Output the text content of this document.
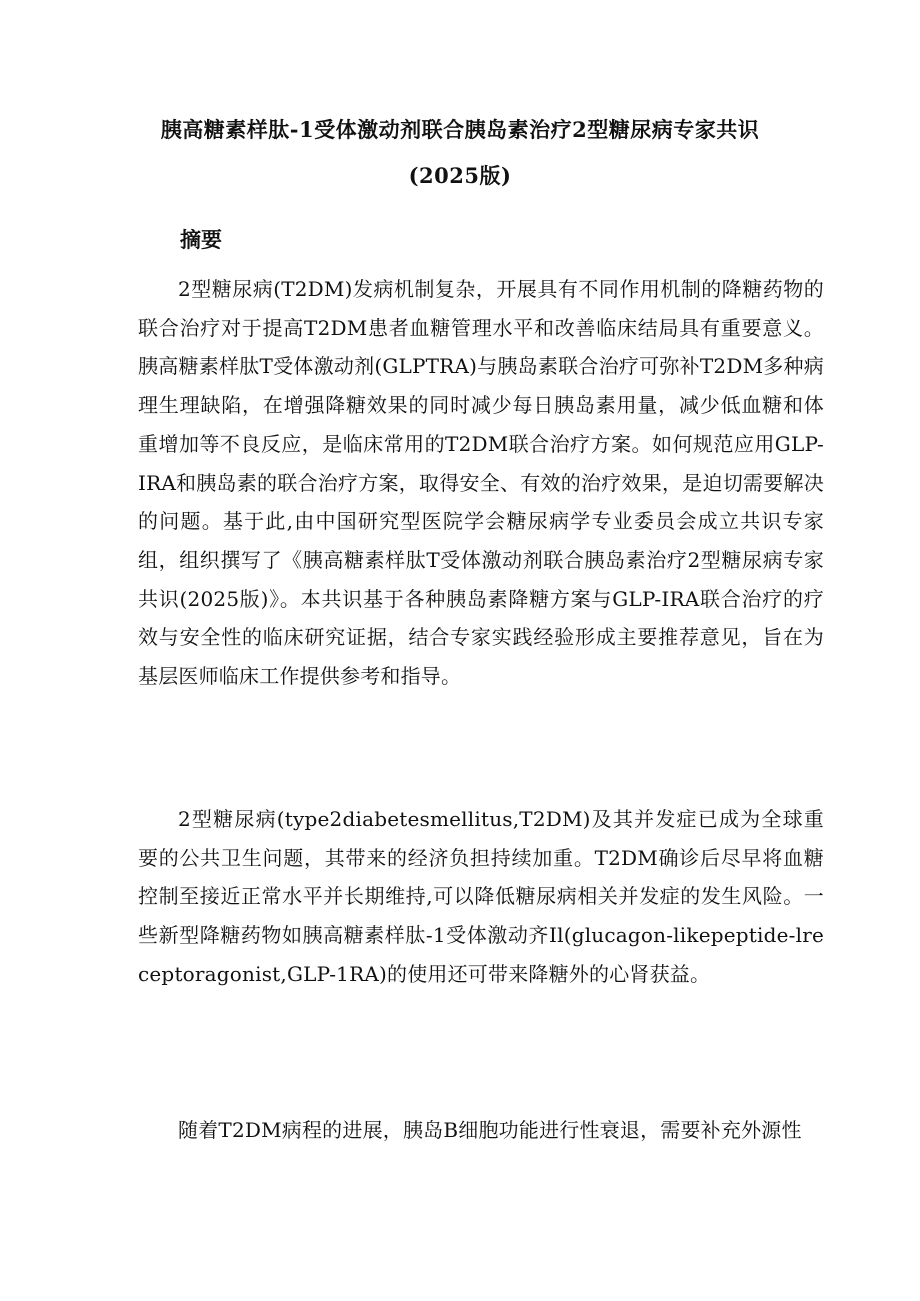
胰高糖素样肽-1受体激动剂联合胰岛素治疗2型糖尿病专家共识
(2025版)
摘要
2型糖尿病(T2DM)发病机制复杂，开展具有不同作用机制的降糖药物的联合治疗对于提高T2DM患者血糖管理水平和改善临床结局具有重要意义。胰高糖素样肽T受体激动剂(GLPTRA)与胰岛素联合治疗可弥补T2DM多种病理生理缺陷，在增强降糖效果的同时减少每日胰岛素用量，减少低血糖和体重增加等不良反应，是临床常用的T2DM联合治疗方案。如何规范应用GLP-IRA和胰岛素的联合治疗方案，取得安全、有效的治疗效果，是迫切需要解决的问题。基于此,由中国研究型医院学会糖尿病学专业委员会成立共识专家组，组织撰写了《胰高糖素样肽T受体激动剂联合胰岛素治疗2型糖尿病专家共识(2025版)》。本共识基于各种胰岛素降糖方案与GLP-IRA联合治疗的疗效与安全性的临床研究证据，结合专家实践经验形成主要推荐意见，旨在为基层医师临床工作提供参考和指导。
2型糖尿病(type2diabetesmellitus,T2DM)及其并发症已成为全球重要的公共卫生问题，其带来的经济负担持续加重。T2DM确诊后尽早将血糖控制至接近正常水平并长期维持,可以降低糖尿病相关并发症的发生风险。一些新型降糖药物如胰高糖素样肽-1受体激动齐Il(glucagon-likepeptide-lreceptoragonist,GLP-1RA)的使用还可带来降糖外的心肾获益。
随着T2DM病程的进展，胰岛B细胞功能进行性衰退，需要补充外源性
